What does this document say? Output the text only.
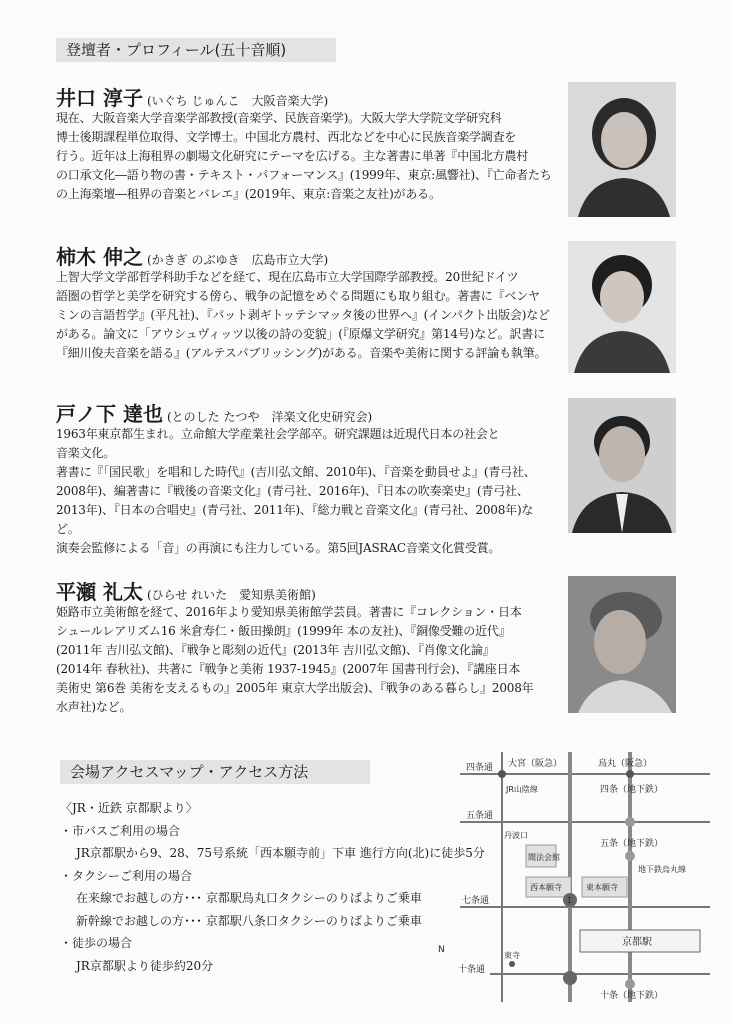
登壇者・プロフィール(五十音順)
井口 淳子 (いぐち じゅんこ　大阪音楽大学)
現在、大阪音楽大学音楽学部教授(音楽学、民族音楽学)。大阪大学大学院文学研究科
博士後期課程単位取得、文学博士。中国北方農村、西北などを中心に民族音楽学調査を
行う。近年は上海租界の劇場文化研究にテーマを広げる。主な著書に単著『中国北方農村
の口承文化―語り物の書・テキスト・パフォーマンス』(1999年、東京:風響社)、『亡命者たち
の上海楽壇―租界の音楽とバレエ』(2019年、東京:音楽之友社)がある。
柿木 伸之 (かきぎ のぶゆき　広島市立大学)
上智大学文学部哲学科助手などを経て、現在広島市立大学国際学部教授。20世紀ドイツ
語圏の哲学と美学を研究する傍ら、戦争の記憶をめぐる問題にも取り組む。著書に『ベンヤ
ミンの言語哲学』(平凡社)、『パット剥ギトッテシマッタ後の世界へ』(インパクト出版会)など
がある。論文に「アウシュヴィッツ以後の詩の変貌」(『原爆文学研究』第14号)など。訳書に
『細川俊夫音楽を語る』(アルテスパブリッシング)がある。音楽や美術に関する評論も執筆。
戸ノ下 達也 (とのした たつや　洋楽文化史研究会)
1963年東京都生まれ。立命館大学産業社会学部卒。研究課題は近現代日本の社会と
音楽文化。
著書に『「国民歌」を唱和した時代』(吉川弘文館、2010年)、『音楽を動員せよ』(青弓社、
2008年)、編著書に『戦後の音楽文化』(青弓社、2016年)、『日本の吹奏楽史』(青弓社、
2013年)、『日本の合唱史』(青弓社、2011年)、『総力戦と音楽文化』(青弓社、2008年)など。
演奏会監修による「音」の再演にも注力している。第5回JASRAC音楽文化賞受賞。
平瀬 礼太 (ひらせ れいた　愛知県美術館)
姫路市立美術館を経て、2016年より愛知県美術館学芸員。著書に『コレクション・日本
シュールレアリズム16 米倉寿仁・飯田操朗』(1999年 本の友社)、『銅像受難の近代』
(2011年 吉川弘文館)、『戦争と彫刻の近代』(2013年 吉川弘文館)、『肖像文化論』
(2014年 春秋社)、共著に『戦争と美術 1937-1945』(2007年 国書刊行会)、『講座日本
美術史 第6巻 美術を支えるもの』2005年 東京大学出版会)、『戦争のある暮らし』2008年
水声社)など。
会場アクセスマップ・アクセス方法
〈JR・近鉄 京都駅より〉
・市バスご利用の場合
JR京都駅から9、28、75号系統「西本願寺前」下車 進行方向(北)に徒歩5分
・タクシーご利用の場合
在来線でお越しの方･･･ 京都駅烏丸口タクシーのりばよりご乗車
新幹線でお越しの方･･･ 京都駅八条口タクシーのりばよりご乗車
・徒歩の場合
JR京都駅より徒歩約20分
四条通
五条通
七条通
十条通
大宮（阪急）	烏丸（阪急）
四条（地下鉄）
五条（地下鉄）
十条（地下鉄）
JR山陰線
丹波口
聞法会館
西本願寺	東本願寺
東寺
京都駅
地下鉄烏丸線
N
1
